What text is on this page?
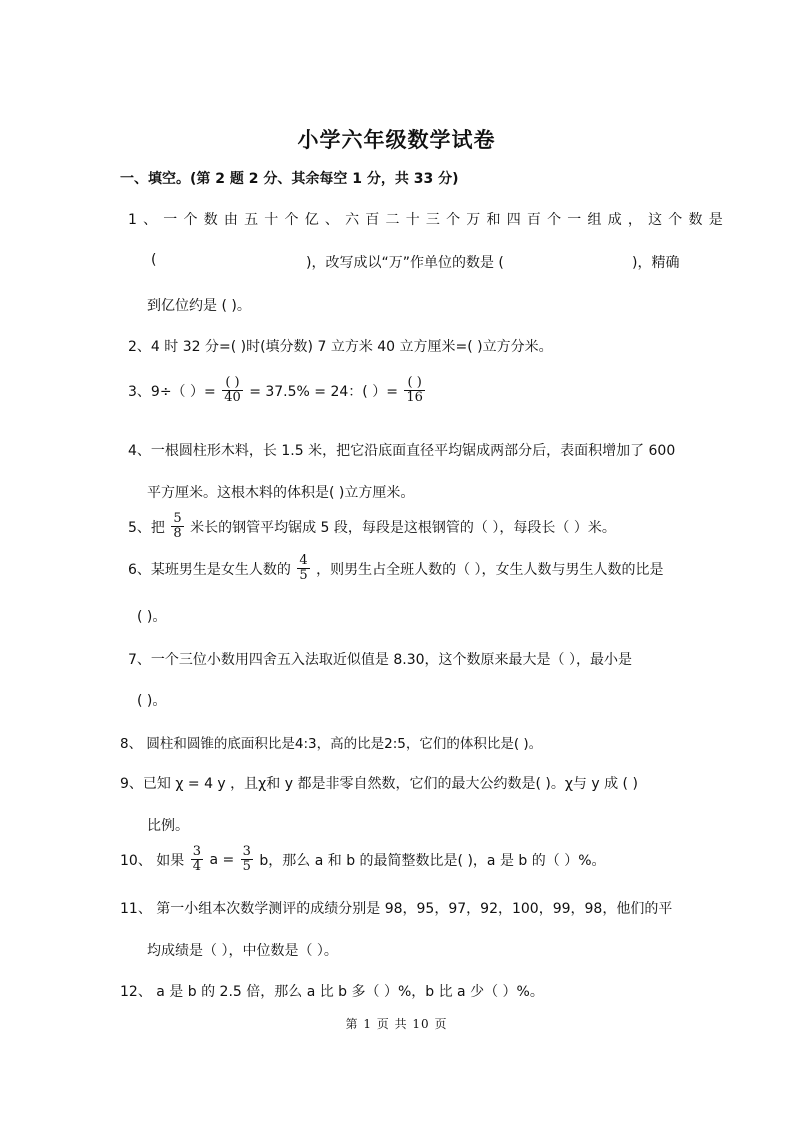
小学六年级数学试卷
一、填空。(第 2 题 2 分、其余每空 1 分，共 33 分)
1、一个数由五十个亿、六百二十三个万和四百个一组成，这个数是
(	)，改写成以“万”作单位的数是 (	)，精确
到亿位约是 ( )。
2、4 时 32 分=( )时(填分数) 7 立方米 40 立方厘米=( )立方分米。
3、9÷（ ）= $\frac{( )}{40} = 37.5\% = 24$：( ）= $\frac{( )}{16}$
4、一根圆柱形木料，长 1.5 米，把它沿底面直径平均锯成两部分后，表面积增加了 600
平方厘米。这根木料的体积是( )立方厘米。
5、把 $\frac{5}{8}$ 米长的钢管平均锯成 5 段，每段是这根钢管的（ ），每段长（ ）米。
6、某班男生是女生人数的 $\frac{4}{5}$ ，则男生占全班人数的（ ），女生人数与男生人数的比是
( )。
7、一个三位小数用四舍五入法取近似值是 8.30，这个数原来最大是（ ），最小是
( )。
8、 圆柱和圆锥的底面积比是4:3，高的比是2:5，它们的体积比是( )。
9、已知 χ = 4 y ，且χ和 y 都是非零自然数，它们的最大公约数是( )。χ与 y 成 ( )
比例。
10、 如果 $\frac{3}{4}$ $a = \frac{3}{5}$ b，那么 a 和 b 的最简整数比是( )，a 是 b 的（ ）%。
11、 第一小组本次数学测评的成绩分别是 98，95，97，92，100，99，98，他们的平
均成绩是（ ），中位数是（ ）。
12、 a 是 b 的 2.5 倍，那么 a 比 b 多（ ）%，b 比 a 少（ ）%。
第 1 页 共 10 页
